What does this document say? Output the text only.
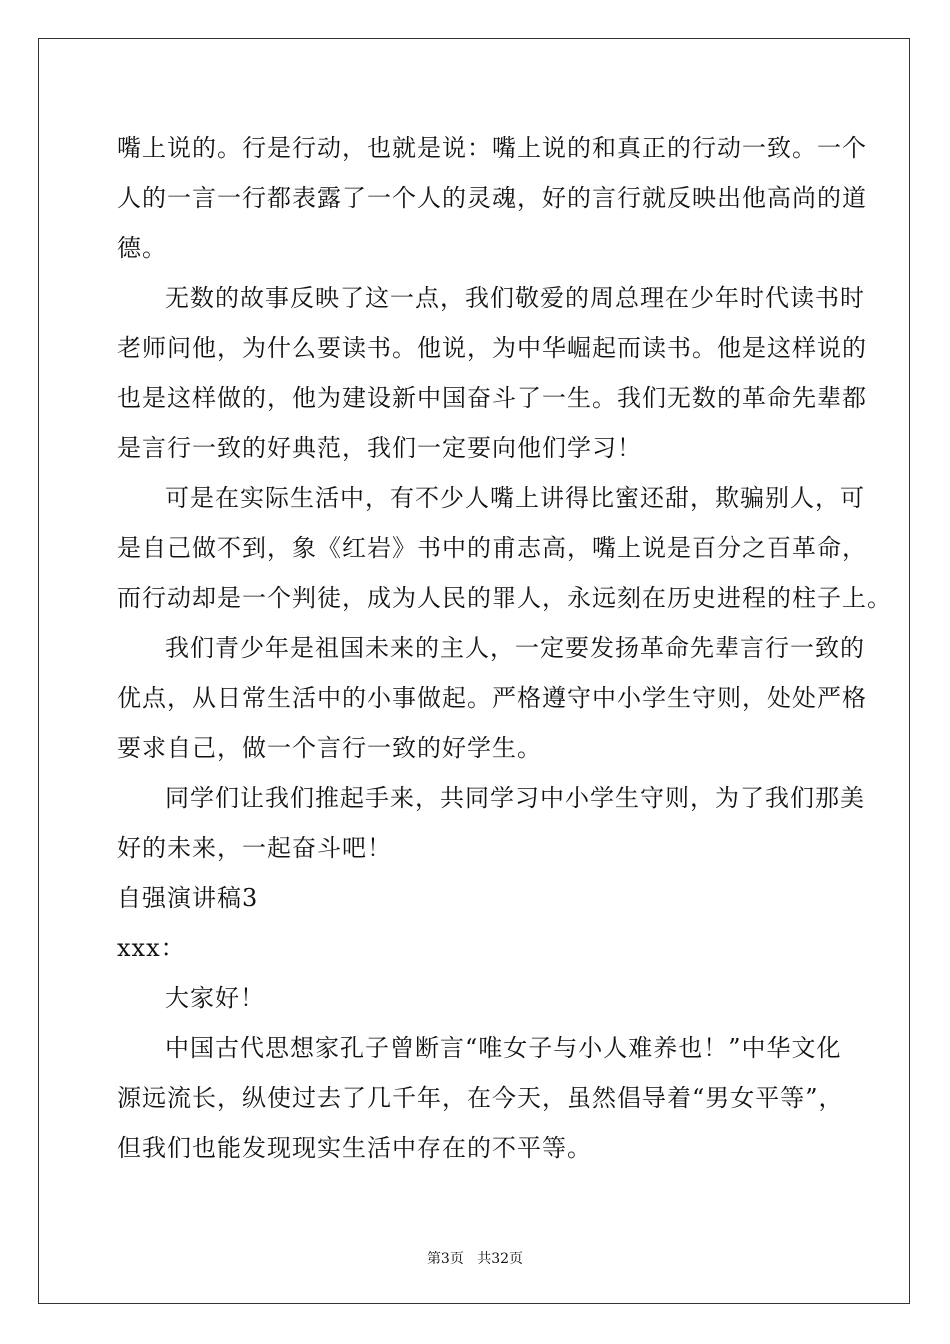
嘴上说的。行是行动，也就是说：嘴上说的和真正的行动一致。一个
人的一言一行都表露了一个人的灵魂，好的言行就反映出他高尚的道
德。
无数的故事反映了这一点，我们敬爱的周总理在少年时代读书时
老师问他，为什么要读书。他说，为中华崛起而读书。他是这样说的
也是这样做的，他为建设新中国奋斗了一生。我们无数的革命先辈都
是言行一致的好典范，我们一定要向他们学习！
可是在实际生活中，有不少人嘴上讲得比蜜还甜，欺骗别人，可
是自己做不到，象《红岩》书中的甫志高，嘴上说是百分之百革命，
而行动却是一个判徒，成为人民的罪人，永远刻在历史进程的柱子上。
我们青少年是祖国未来的主人，一定要发扬革命先辈言行一致的
优点，从日常生活中的小事做起。严格遵守中小学生守则，处处严格
要求自己，做一个言行一致的好学生。
同学们让我们推起手来，共同学习中小学生守则，为了我们那美
好的未来，一起奋斗吧！
自强演讲稿3
xxx：
大家好！
中国古代思想家孔子曾断言“唯女子与小人难养也！”中华文化
源远流长，纵使过去了几千年，在今天，虽然倡导着“男女平等”，
但我们也能发现现实生活中存在的不平等。
第3页 共32页
